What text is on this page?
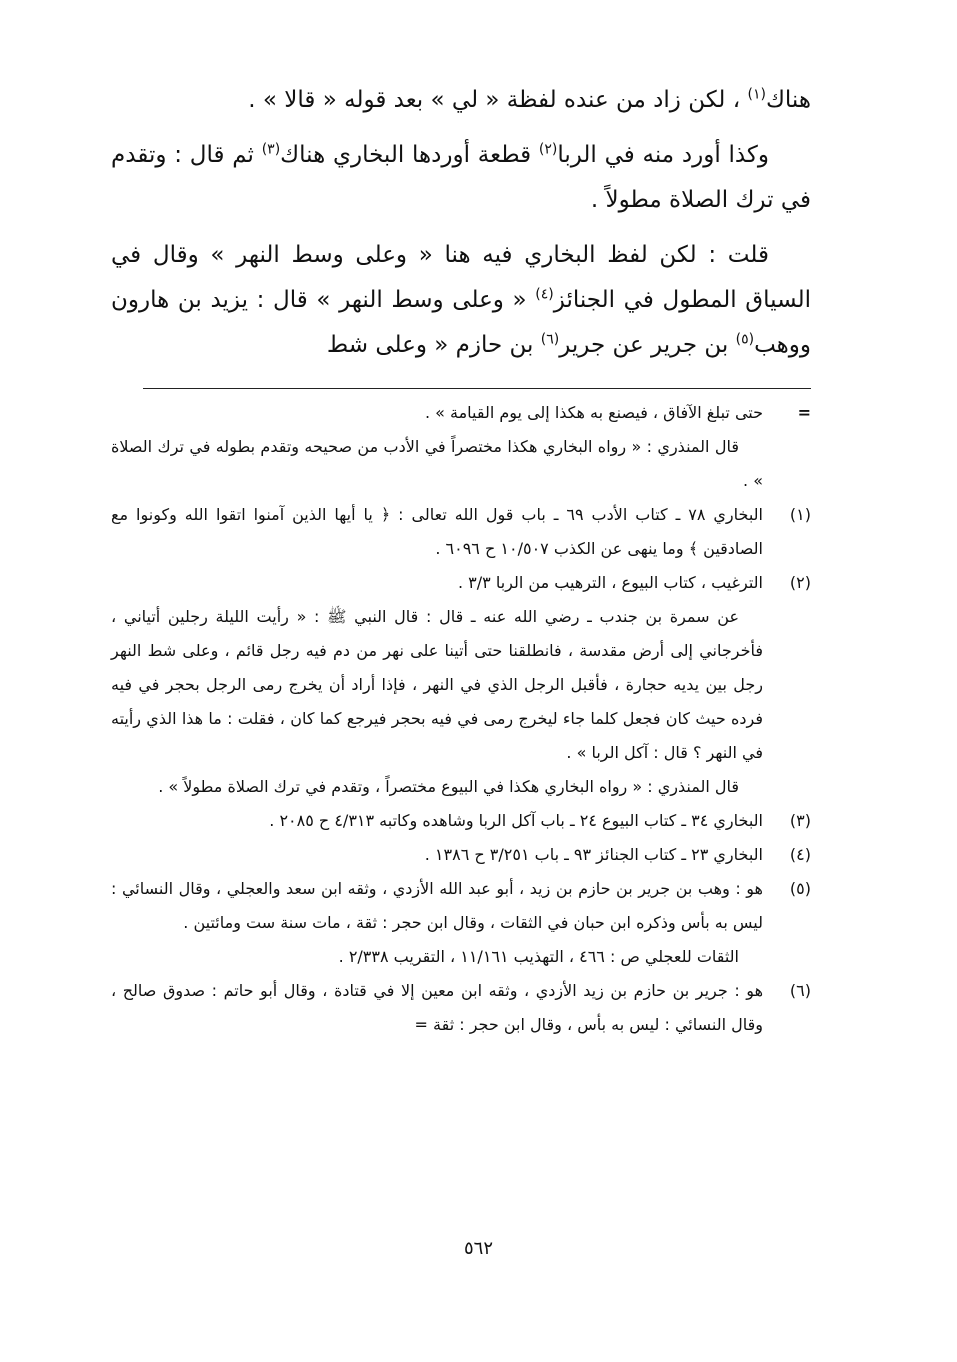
هناك$^{(١)}$ ، لكن زاد من عنده لفظة « لي » بعد قوله « قالا » .

وكذا أورد منه في الربا$^{(٢)}$ قطعة أوردها البخاري هناك$^{(٣)}$ ثم قال : وتقدم في ترك الصلاة مطولاً .

قلت : لكن لفظ البخاري فيه هنا « وعلى وسط النهر » وقال في السياق المطول في الجنائز$^{(٤)}$ « وعلى وسط النهر » قال : يزيد بن هارون ووهب$^{(٥)}$ بن جرير عن جرير$^{(٦)}$ بن حازم « وعلى شط

=

حتى تبلغ الآفاق ، فيصنع به هكذا إلى يوم القيامة » .

قال المنذري : « رواه البخاري هكذا مختصراً في الأدب من صحيحه وتقدم بطوله في ترك الصلاة » .

(١)

البخاري ٧٨ ـ كتاب الأدب ٦٩ ـ باب قول الله تعالى : ﴿ يا أيها الذين آمنوا اتقوا الله وكونوا مع الصادقين ﴾ وما ينهى عن الكذب ١٠/٥٠٧ ح ٦٠٩٦ .

(٢)

الترغيب ، كتاب البيوع ، الترهيب من الربا ٣/٣ .

عن سمرة بن جندب ـ رضي الله عنه ـ قال : قال النبي ﷺ : « رأيت الليلة رجلين أتياني ، فأخرجاني إلى أرض مقدسة ، فانطلقنا حتى أتينا على نهر من دم فيه رجل قائم ، وعلى شط النهر رجل بين يديه حجارة ، فأقبل الرجل الذي في النهر ، فإذا أراد أن يخرج رمى الرجل بحجر في فيه فرده حيث كان فجعل كلما جاء ليخرج رمى في فيه بحجر فيرجع كما كان ، فقلت : ما هذا الذي رأيته في النهر ؟ قال : آكل الربا » .

قال المنذري : « رواه البخاري هكذا في البيوع مختصراً ، وتقدم في ترك الصلاة مطولاً » .

(٣)

البخاري ٣٤ ـ كتاب البيوع ٢٤ ـ باب آكل الربا وشاهده وكاتبه ٤/٣١٣ ح ٢٠٨٥ .

(٤)

البخاري ٢٣ ـ كتاب الجنائز ٩٣ ـ باب ٣/٢٥١ ح ١٣٨٦ .

(٥)

هو : وهب بن جرير بن حازم بن زيد ، أبو عبد الله الأزدي ، وثقه ابن سعد والعجلي ، وقال النسائي : ليس به بأس وذكره ابن حبان في الثقات ، وقال ابن حجر : ثقة ، مات سنة ست ومائتين .

الثقات للعجلي ص : ٤٦٦ ، التهذيب ١١/١٦١ ، التقريب ٢/٣٣٨ .

(٦)

هو : جرير بن حازم بن زيد الأزدي ، وثقه ابن معين إلا في قتادة ، وقال أبو حاتم : صدوق صالح ، وقال النسائي : ليس به بأس ، وقال ابن حجر : ثقة =

٥٦٢
